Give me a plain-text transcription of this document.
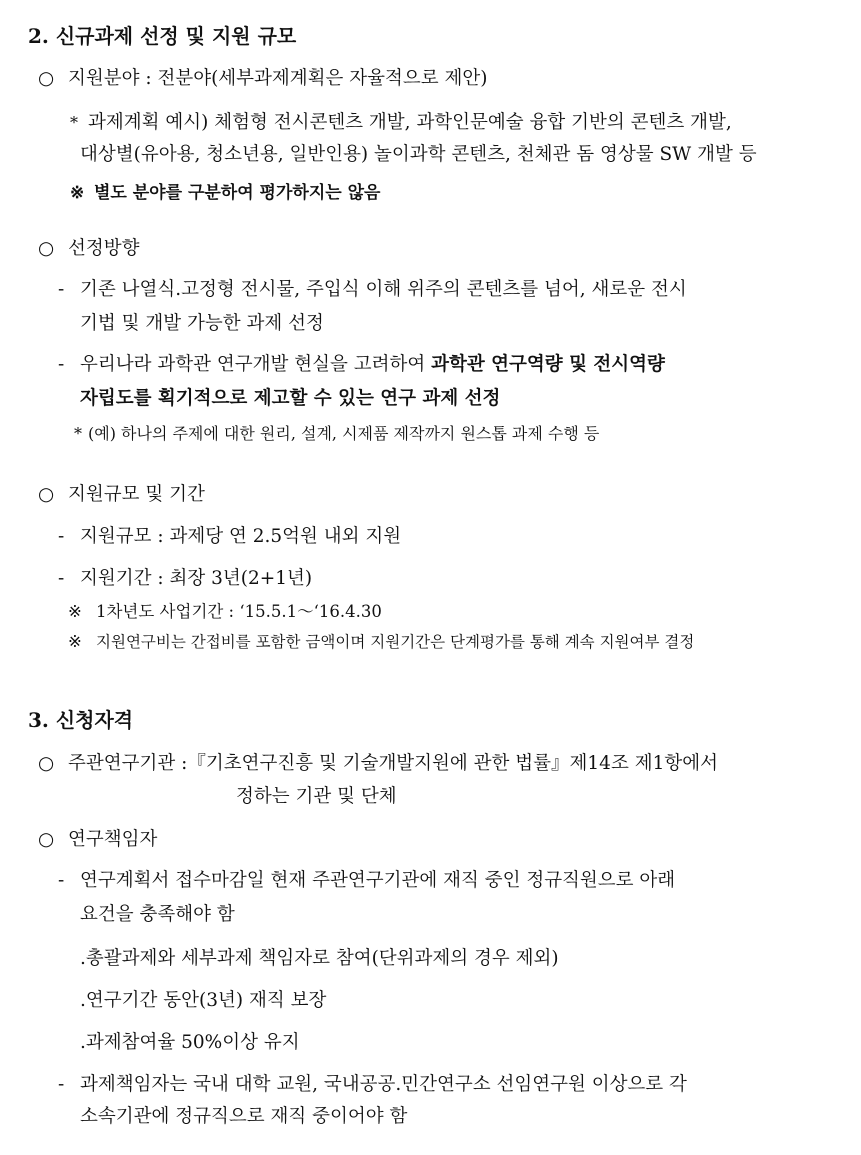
2. 신규과제 선정 및 지원 규모
○ 지원분야 : 전분야(세부과제계획은 자율적으로 제안)
* 과제계획 예시) 체험형 전시콘텐츠 개발, 과학인문예술 융합 기반의 콘텐츠 개발,
대상별(유아용, 청소년용, 일반인용) 놀이과학 콘텐츠, 천체관 돔 영상물 SW 개발 등
※ 별도 분야를 구분하여 평가하지는 않음
○ 선정방향
- 기존 나열식.고정형 전시물, 주입식 이해 위주의 콘텐츠를 넘어, 새로운 전시
기법 및 개발 가능한 과제 선정
- 우리나라 과학관 연구개발 현실을 고려하여 과학관 연구역량 및 전시역량
자립도를 획기적으로 제고할 수 있는 연구 과제 선정
* (예) 하나의 주제에 대한 원리, 설계, 시제품 제작까지 원스톱 과제 수행 등
○ 지원규모 및 기간
- 지원규모 : 과제당 연 2.5억원 내외 지원
- 지원기간 : 최장 3년(2+1년)
※ 1차년도 사업기간 : ‘15.5.1～‘16.4.30
※ 지원연구비는 간접비를 포함한 금액이며 지원기간은 단계평가를 통해 계속 지원여부 결정
3. 신청자격
○ 주관연구기관 :『기초연구진흥 및 기술개발지원에 관한 법률』제14조 제1항에서
정하는 기관 및 단체
○ 연구책임자
- 연구계획서 접수마감일 현재 주관연구기관에 재직 중인 정규직원으로 아래
요건을 충족해야 함
.총괄과제와 세부과제 책임자로 참여(단위과제의 경우 제외)
.연구기간 동안(3년) 재직 보장
.과제참여율 50%이상 유지
- 과제책임자는 국내 대학 교원, 국내공공.민간연구소 선임연구원 이상으로 각
소속기관에 정규직으로 재직 중이어야 함
